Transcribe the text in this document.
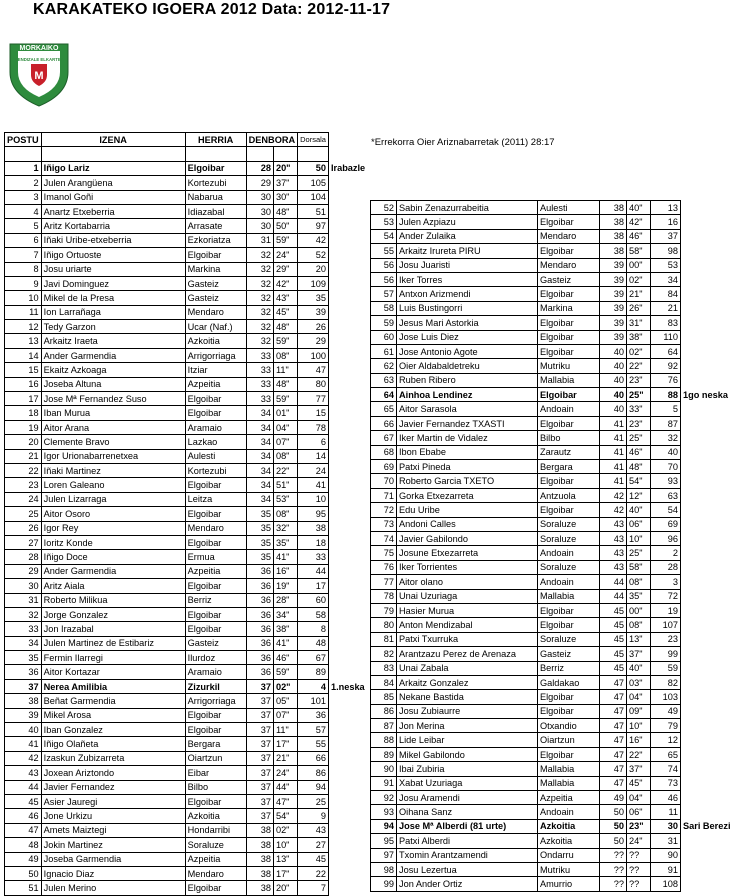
KARAKATEKO IGOERA 2012 Data: 2012-11-17
M
MORKAIKO
MENDIZALE ELKARTEA
*Errekorra Oier Ariznabarretak (2011) 28:17
POSTU	IZENA	HERRIA	DENBORA		Dorsala	

1	Iñigo Lariz	Elgoibar	28	20"	50	Irabazle
2	Julen Arangüena	Kortezubi	29	37"	105	
3	Imanol Goñi	Nabarua	30	30"	104	
4	Anartz Etxeberria	Idiazabal	30	48"	51	
5	Aritz Kortabarria	Arrasate	30	50"	97	
6	Iñaki Uribe-etxeberria	Ezkoriatza	31	59"	42	
7	Iñigo Ortuoste	Elgoibar	32	24"	52	
8	Josu uriarte	Markina	32	29"	20	
9	Javi Dominguez	Gasteiz	32	42"	109	
10	Mikel de la Presa	Gasteiz	32	43"	35	
11	Ion Larrañaga	Mendaro	32	45"	39	
12	Tedy Garzon	Ucar (Naf.)	32	48"	26	
13	Arkaitz Iraeta	Azkoitia	32	59"	29	
14	Ander Garmendia	Arrigorriaga	33	08"	100	
15	Ekaitz Azkoaga	Itziar	33	11"	47	
16	Joseba Altuna	Azpeitia	33	48"	80	
17	Jose Mª Fernandez Suso	Elgoibar	33	59"	77	
18	Iban Murua	Elgoibar	34	01"	15	
19	Aitor Arana	Aramaio	34	04"	78	
20	Clemente Bravo	Lazkao	34	07"	6	
21	Igor Urionabarrenetxea	Aulesti	34	08"	14	
22	Iñaki Martinez	Kortezubi	34	22"	24	
23	Loren Galeano	Elgoibar	34	51"	41	
24	Julen Lizarraga	Leitza	34	53"	10	
25	Aitor Osoro	Elgoibar	35	08"	95	
26	Igor Rey	Mendaro	35	32"	38	
27	Ioritz Konde	Elgoibar	35	35"	18	
28	Iñigo Doce	Ermua	35	41"	33	
29	Ander Garmendia	Azpeitia	36	16"	44	
30	Aritz Aiala	Elgoibar	36	19"	17	
31	Roberto Milikua	Berriz	36	28"	60	
32	Jorge Gonzalez	Elgoibar	36	34"	58	
33	Jon Irazabal	Elgoibar	36	38"	8	
34	Julen Martinez de Estibariz	Gasteiz	36	41"	48	
35	Fermin Ilarregi	Ilurdoz	36	46"	67	
36	Aitor Kortazar	Aramaio	36	59"	89	
37	Nerea Amilibia	Zizurkil	37	02"	4	1.neska
38	Beñat Garmendia	Arrigorriaga	37	05"	101	
39	Mikel Arosa	Elgoibar	37	07"	36	
40	Iban Gonzalez	Elgoibar	37	11"	57	
41	Iñigo Olañeta	Bergara	37	17"	55	
42	Izaskun Zubizarreta	Oiartzun	37	21"	66	
43	Joxean Ariztondo	Eibar	37	24"	86	
44	Javier Fernandez	Bilbo	37	44"	94	
45	Asier Jauregi	Elgoibar	37	47"	25	
46	Jone Urkizu	Azkoitia	37	54"	9	
47	Amets Maiztegi	Hondarribi	38	02"	43	
48	Jokin Martinez	Soraluze	38	10"	27	
49	Joseba Garmendia	Azpeitia	38	13"	45	
50	Ignacio Diaz	Mendaro	38	17"	22	
51	Julen Merino	Elgoibar	38	20"	7	
52	Sabin Zenazurrabeitia	Aulesti	38	40"	13	
53	Julen Azpiazu	Elgoibar	38	42"	16	
54	Ander Zulaika	Mendaro	38	46"	37	
55	Arkaitz Irureta PIRU	Elgoibar	38	58"	98	
56	Josu Juaristi	Mendaro	39	00"	53	
56	Iker Torres	Gasteiz	39	02"	34	
57	Antxon Arizmendi	Elgoibar	39	21"	84	
58	Luis Bustingorri	Markina	39	26"	21	
59	Jesus Mari Astorkia	Elgoibar	39	31"	83	
60	Jose Luis Diez	Elgoibar	39	38"	110	
61	Jose Antonio Agote	Elgoibar	40	02"	64	
62	Oier Aldabaldetreku	Mutriku	40	22"	92	
63	Ruben Ribero	Mallabia	40	23"	76	
64	Ainhoa Lendinez	Elgoibar	40	25"	88	1go neska
65	Aitor Sarasola	Andoain	40	33"	5	
66	Javier Fernandez TXASTI	Elgoibar	41	23"	87	
67	Iker Martin de Vidalez	Bilbo	41	25"	32	
68	Ibon Ebabe	Zarautz	41	46"	40	
69	Patxi Pineda	Bergara	41	48"	70	
70	Roberto Garcia TXETO	Elgoibar	41	54"	93	
71	Gorka Etxezarreta	Antzuola	42	12"	63	
72	Edu Uribe	Elgoibar	42	40"	54	
73	Andoni Calles	Soraluze	43	06"	69	
74	Javier Gabilondo	Soraluze	43	10"	96	
75	Josune Etxezarreta	Andoain	43	25"	2	
76	Iker Torrientes	Soraluze	43	58"	28	
77	Aitor olano	Andoain	44	08"	3	
78	Unai Uzuriaga	Mallabia	44	35"	72	
79	Hasier Murua	Elgoibar	45	00"	19	
80	Anton Mendizabal	Elgoibar	45	08"	107	
81	Patxi Txurruka	Soraluze	45	13"	23	
82	Arantzazu Perez de Arenaza	Gasteiz	45	37"	99	
83	Unai Zabala	Berriz	45	40"	59	
84	Arkaitz Gonzalez	Galdakao	47	03"	82	
85	Nekane Bastida	Elgoibar	47	04"	103	
86	Josu Zubiaurre	Elgoibar	47	09"	49	
87	Jon Merina	Otxandio	47	10"	79	
88	Lide Leibar	Oiartzun	47	16"	12	
89	Mikel Gabilondo	Elgoibar	47	22"	65	
90	Ibai Zubiria	Mallabia	47	37"	74	
91	Xabat Uzuriaga	Mallabia	47	45"	73	
92	Josu Aramendi	Azpeitia	49	04"	46	
93	Oihana Sanz	Andoain	50	06"	11	
94	Jose Mª Alberdi (81 urte)	Azkoitia	50	23"	30	Sari Berezi
95	Patxi Alberdi	Azkoitia	50	24"	31	
97	Txomin Arantzamendi	Ondarru	??	??	90	
98	Josu Lezertua	Mutriku	??	??	91	
99	Jon Ander Ortiz	Amurrio	??	??	108	
